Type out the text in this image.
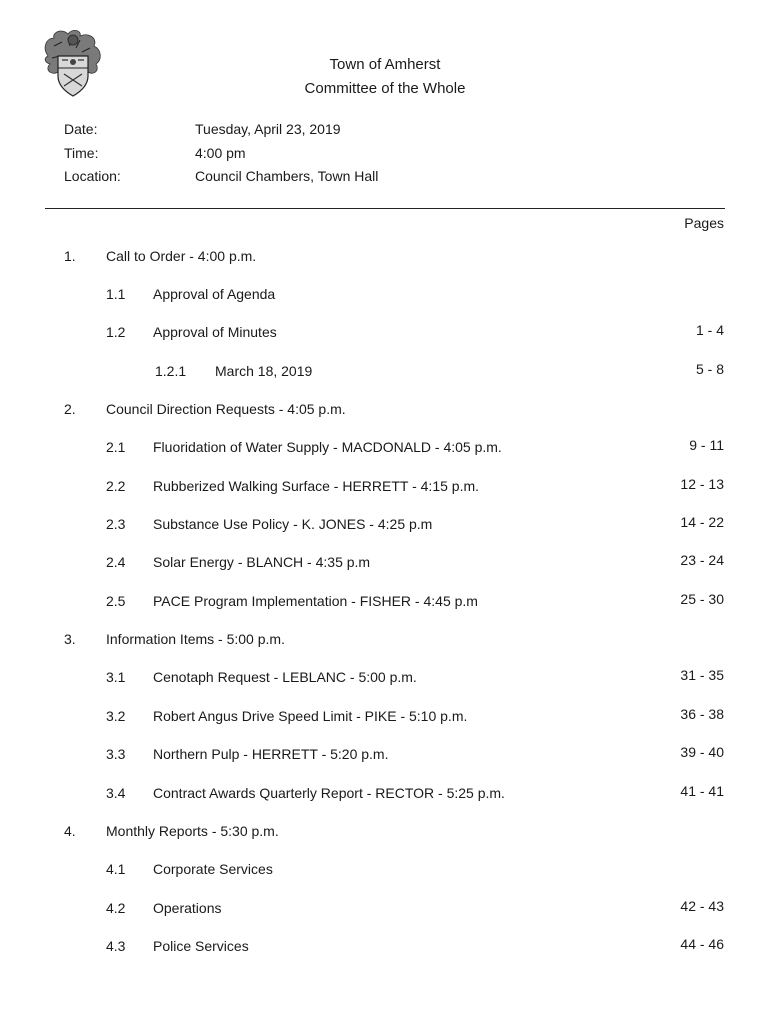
Town of Amherst
Committee of the Whole
Date:	Tuesday, April 23, 2019
Time:	4:00 pm
Location:	Council Chambers, Town Hall
Pages
1. Call to Order - 4:00 p.m.
1.1 Approval of Agenda
1.2 Approval of Minutes	1 - 4
1.2.1 March 18, 2019	5 - 8
2. Council Direction Requests - 4:05 p.m.
2.1 Fluoridation of Water Supply - MACDONALD - 4:05 p.m.	9 - 11
2.2 Rubberized Walking Surface - HERRETT - 4:15 p.m.	12 - 13
2.3 Substance Use Policy - K. JONES - 4:25 p.m	14 - 22
2.4 Solar Energy - BLANCH - 4:35 p.m	23 - 24
2.5 PACE Program Implementation - FISHER - 4:45 p.m	25 - 30
3. Information Items - 5:00 p.m.
3.1 Cenotaph Request - LEBLANC - 5:00 p.m.	31 - 35
3.2 Robert Angus Drive Speed Limit - PIKE - 5:10 p.m.	36 - 38
3.3 Northern Pulp - HERRETT - 5:20 p.m.	39 - 40
3.4 Contract Awards Quarterly Report - RECTOR - 5:25 p.m.	41 - 41
4. Monthly Reports - 5:30 p.m.
4.1 Corporate Services
4.2 Operations	42 - 43
4.3 Police Services	44 - 46
